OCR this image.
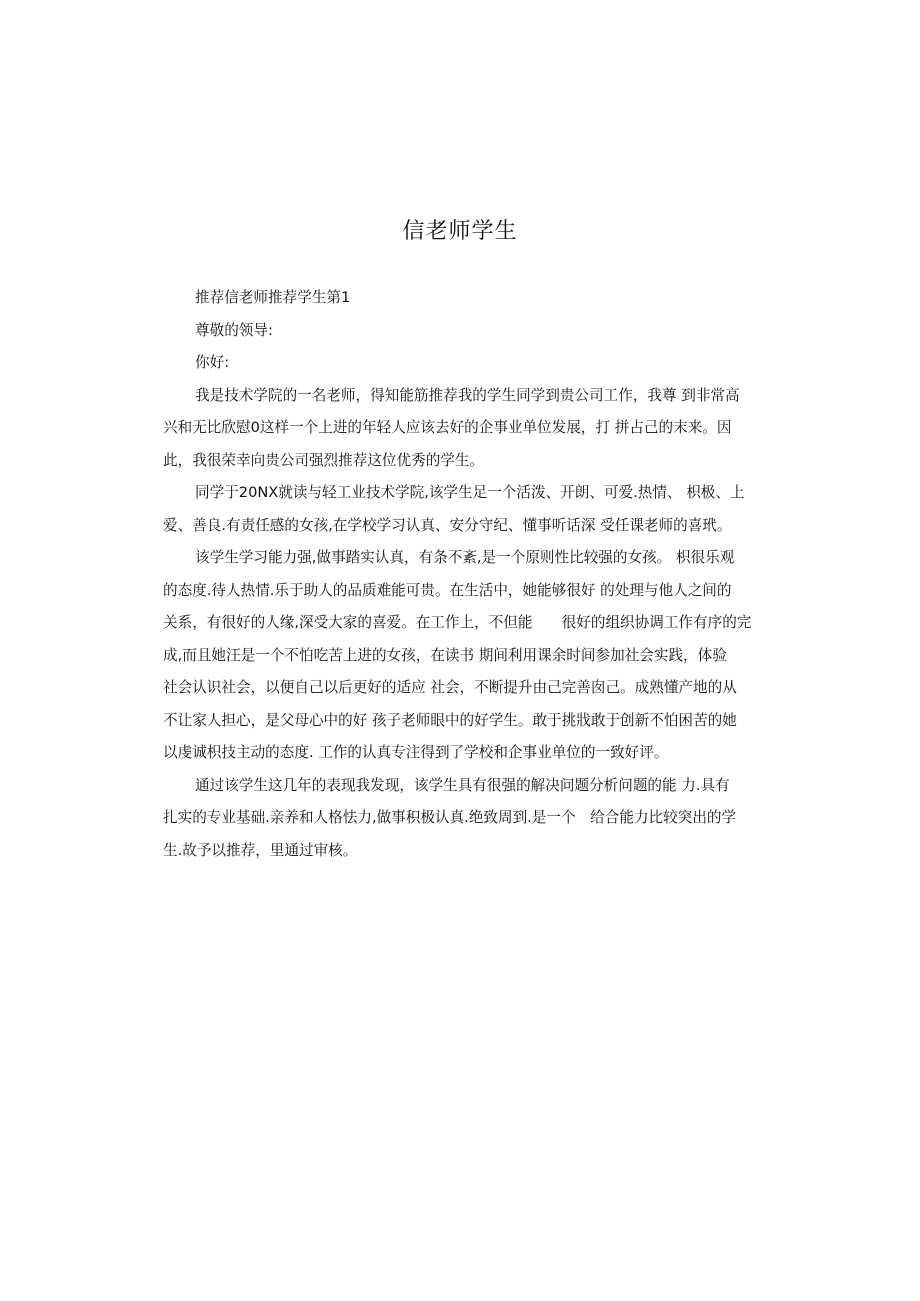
信老师学生

推荐信老师推荐学生第1

尊敬的领导:

你好:

我是技术学院的一名老师，得知能筋推荐我的学生同学到贵公司工作，我尊 到非常高

兴和无比欣慰0这样一个上进的年轻人应该去好的企事业单位发展，打 拼占己的末来。因

此，我很荣幸向贵公司强烈推荐这位优秀的学生。

同学于20NX就读与轻工业技术学院,该学生足一个活泼、开朗、可爱.热情、 枳极、上

爱、善良.有责任感的女孩,在学校学习认真、安分守纪、懂事听话深 受任课老师的喜玳。

该学生学习能力强,做事踏实认真，有条不紊,是一个原则性比较强的女孩。 枳很乐观

的态度.待人热情.乐于助人的品质难能可贵。在生活中，她能够很好 的处理与他人之间的

关系，有很好的人缘,深受大家的喜爱。在工作上，不但能　　很好的组织协调工作有序的完

成,而且她汪是一个不怕吃苦上进的女孩，在读书 期间利用课余时间参加社会实践，体验

社会认识社会，以便自己以后更好的适应 社会，不断提升由己完善囱己。成熟懂产地的从

不让家人担心，是父母心中的好 孩子老师眼中的好学生。敢于挑戕敢于创新不怕困苦的她

以虔诚枳技主动的态度. 工作的认真专注得到了学校和企事业单位的一致好评。

通过该学生这几年的表现我发现，该学生具有很强的解决问题分析问题的能 力.具有

扎实的专业基础.亲养和人格怯力,做事积极认真.绝致周到.是一个　给合能力比较突出的学

生.故予以推荐，里通过审核。
